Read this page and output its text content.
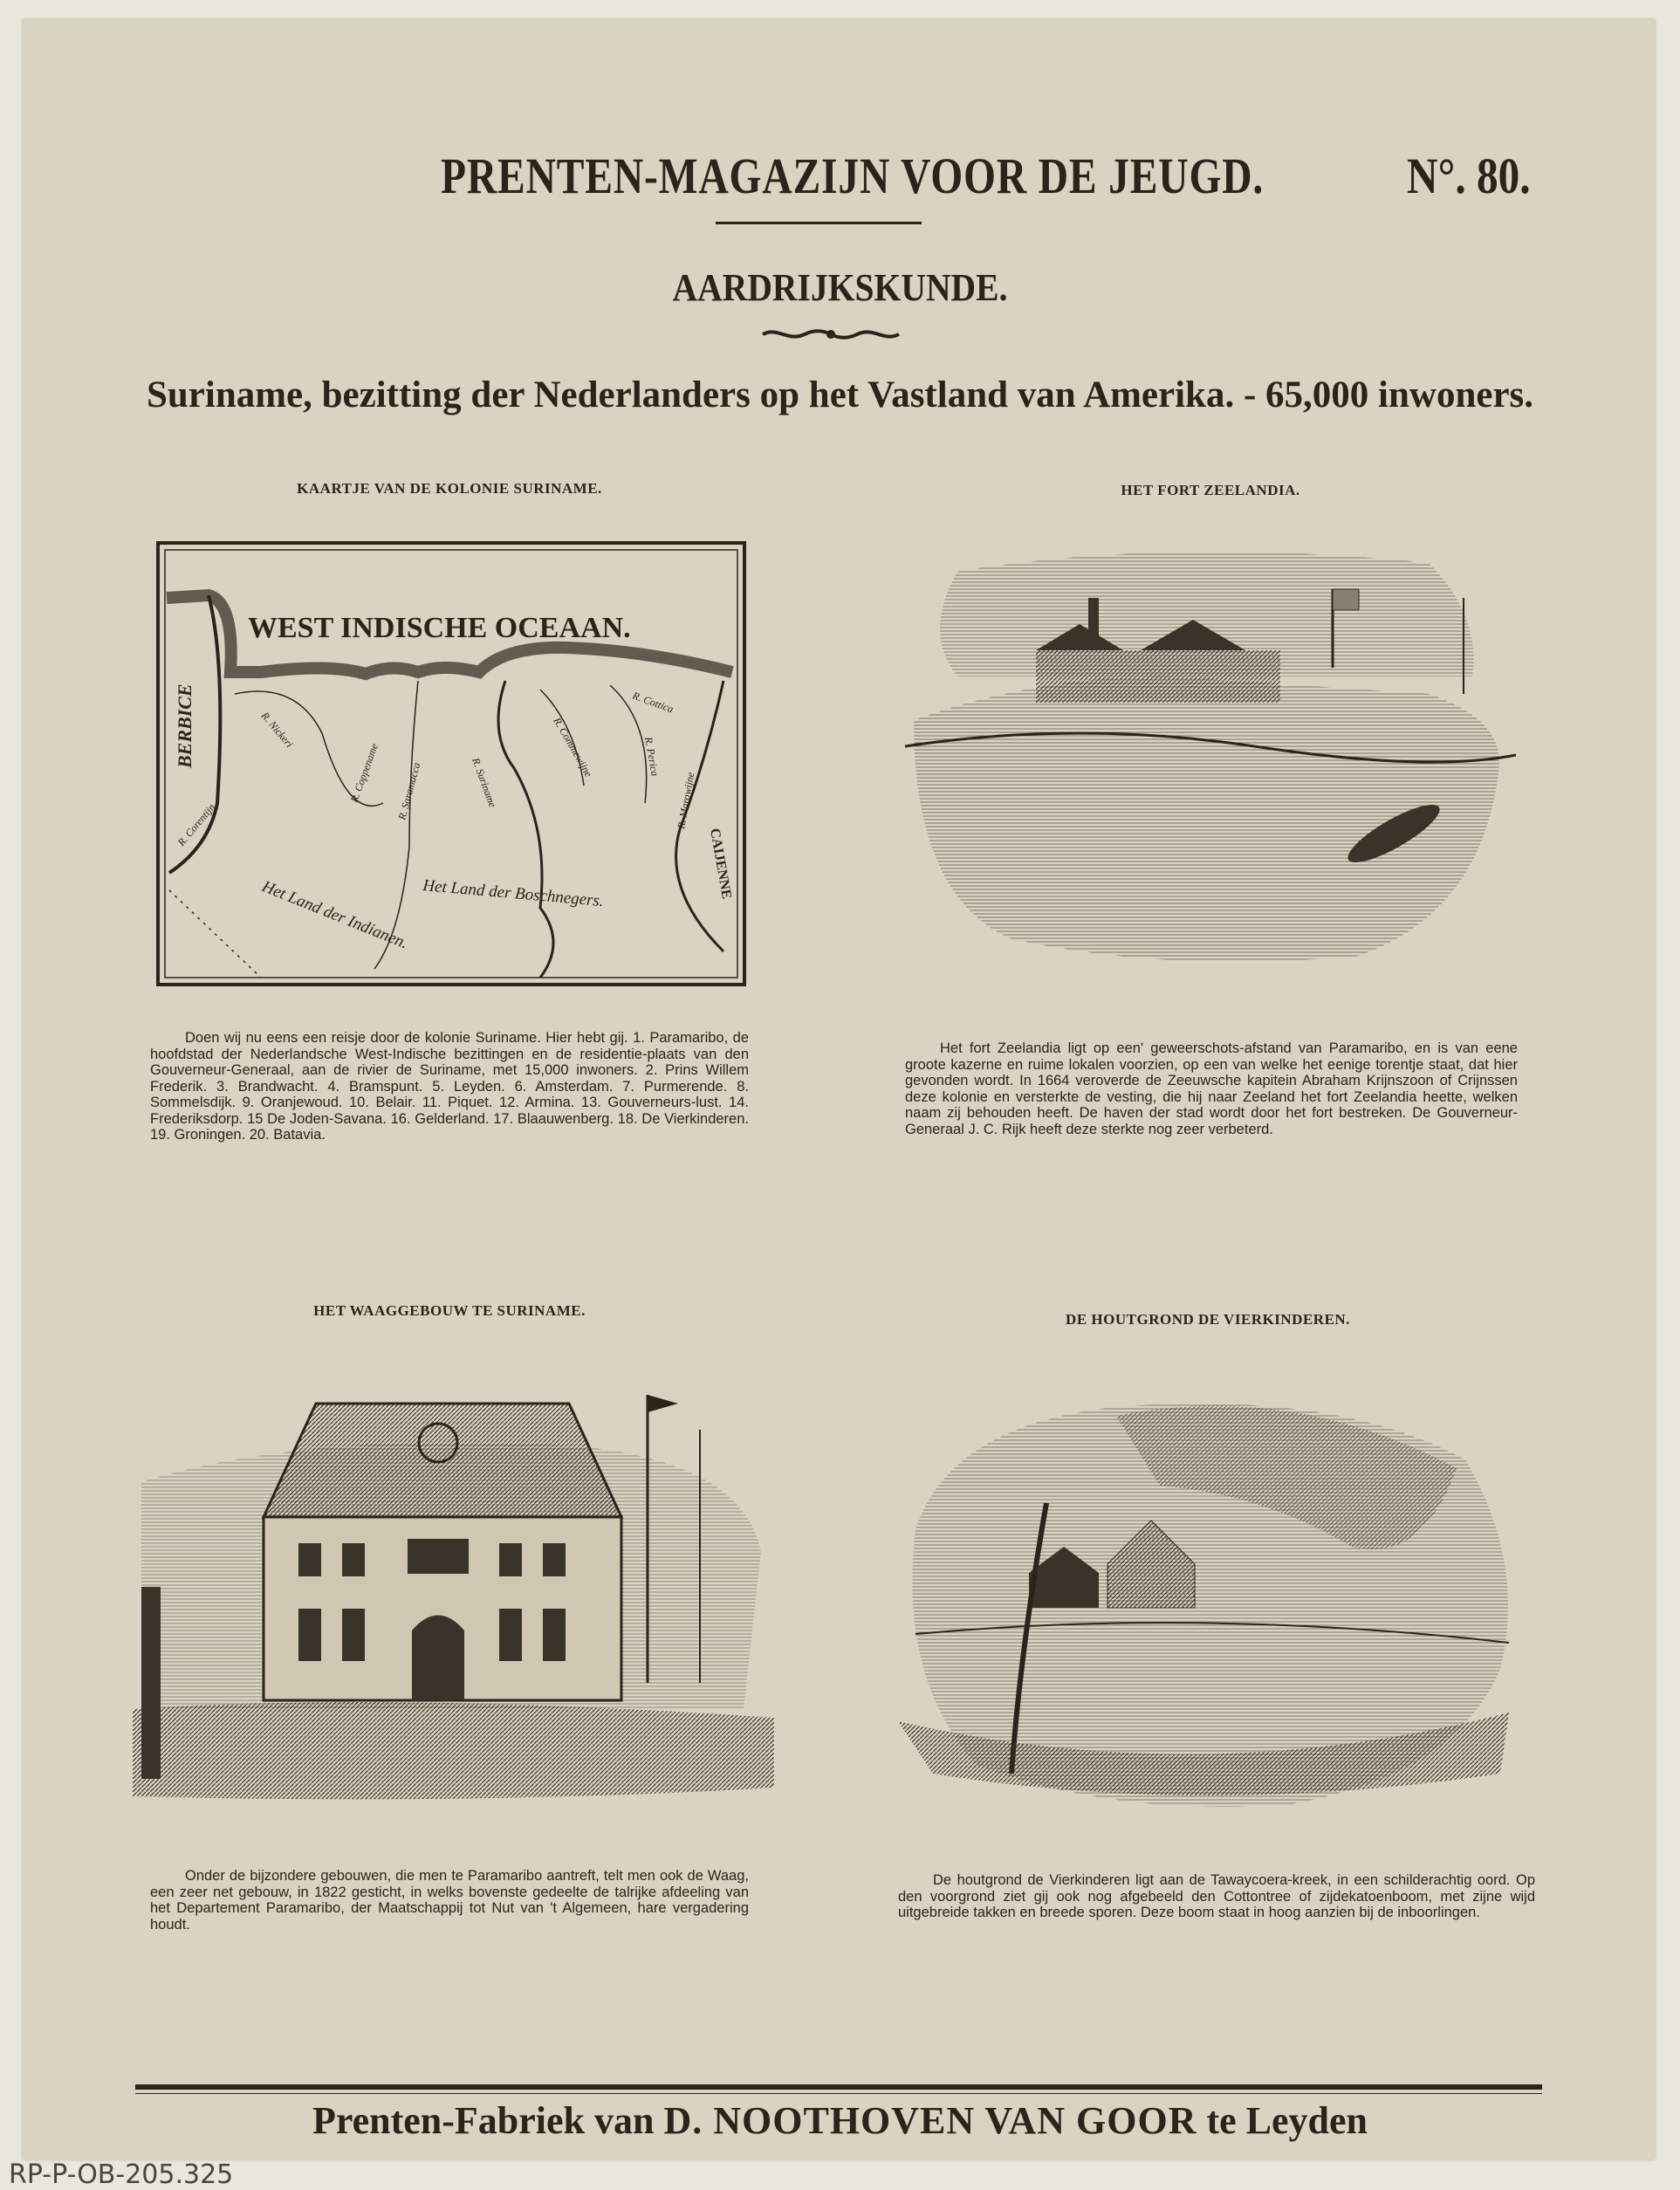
PRENTEN-MAGAZIJN VOOR DE JEUGD.	N°. 80.
AARDRIJKSKUNDE.
Suriname, bezitting der Nederlanders op het Vastland van Amerika. - 65,000 inwoners.
KAARTJE VAN DE KOLONIE SURINAME.
WEST INDISCHE OCEAAN.
BERBICE
CAIJENNE
R. Corentijn
R. Nickeri
R. Coppename R. Saramacca	R. Suriname
R. Commewijne
R. Cottica
R. Perica
R. Marowijne
Het Land der Boschnegers.
Het Land der Indianen.
Doen wij nu eens een reisje door de kolonie Suriname. Hier hebt gij. 1. Paramaribo, de hoofdstad der Nederlandsche West-Indische bezittingen en de residentie-plaats van den Gouverneur-Generaal, aan de rivier de Suriname, met 15,000 inwoners. 2. Prins Willem Frederik. 3. Brandwacht. 4. Bramspunt. 5. Leyden. 6. Amsterdam. 7. Purmerende. 8. Sommelsdijk. 9. Oranjewoud. 10. Belair. 11. Piquet. 12. Armina. 13. Gouverneurs-lust. 14. Frederiksdorp. 15 De Joden-Savana. 16. Gelderland. 17. Blaauwenberg. 18. De Vierkinderen. 19. Groningen. 20. Batavia.
HET FORT ZEELANDIA.
Het fort Zeelandia ligt op een' geweerschots-afstand van Paramaribo, en is van eene groote kazerne en ruime lokalen voorzien, op een van welke het eenige torentje staat, dat hier gevonden wordt. In 1664 veroverde de Zeeuwsche kapitein Abraham Krijnszoon of Crijnssen deze kolonie en versterkte de vesting, die hij naar Zeeland het fort Zeelandia heette, welken naam zij behouden heeft. De haven der stad wordt door het fort bestreken. De Gouverneur-Generaal J. C. Rijk heeft deze sterkte nog zeer verbeterd.
HET WAAGGEBOUW TE SURINAME.
Onder de bijzondere gebouwen, die men te Paramaribo aantreft, telt men ook de Waag, een zeer net gebouw, in 1822 gesticht, in welks bovenste gedeelte de talrijke afdeeling van het Departement Paramaribo, der Maatschappij tot Nut van 't Algemeen, hare vergadering houdt.
DE HOUTGROND DE VIERKINDEREN.
De houtgrond de Vierkinderen ligt aan de Tawaycoera-kreek, in een schilderachtig oord. Op den voorgrond ziet gij ook nog afgebeeld den Cottontree of zijdekatoenboom, met zijne wijd uitgebreide takken en breede sporen. Deze boom staat in hoog aanzien bij de inboorlingen.
Prenten-Fabriek van D. NOOTHOVEN VAN GOOR te Leyden
RP-P-OB-205.325
